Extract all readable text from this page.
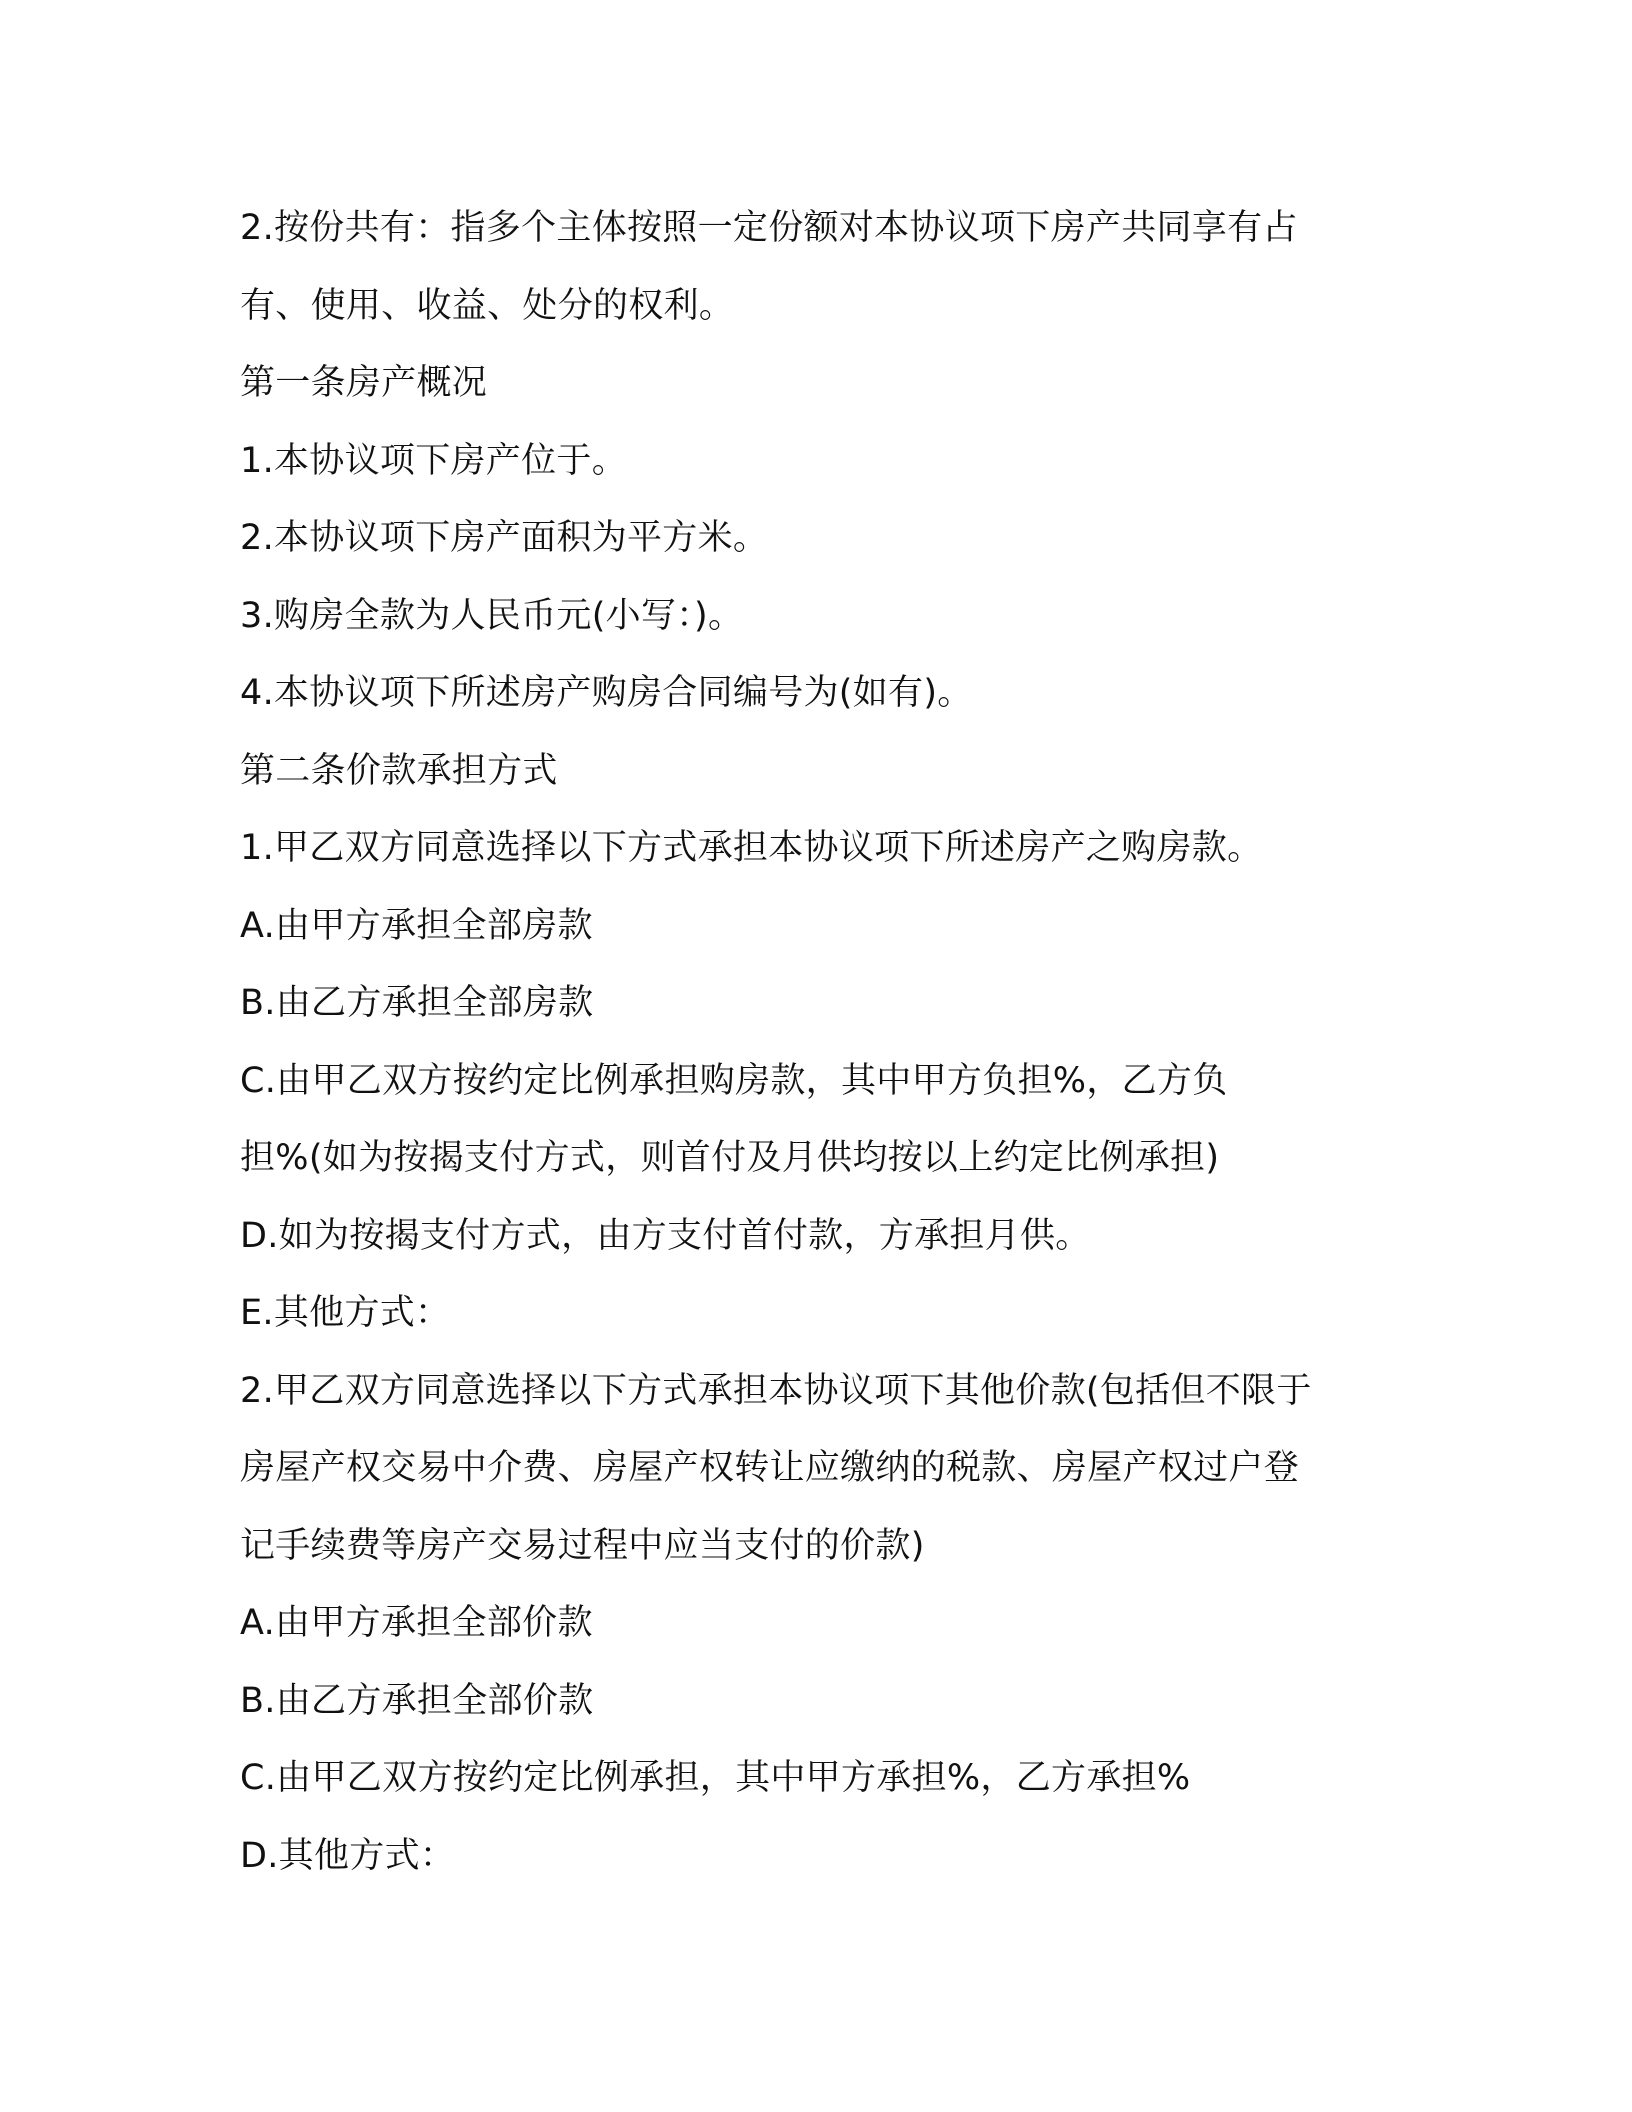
2.按份共有：指多个主体按照一定份额对本协议项下房产共同享有占
有、使用、收益、处分的权利。
第一条房产概况
1.本协议项下房产位于。
2.本协议项下房产面积为平方米。
3.购房全款为人民币元(小写：)。
4.本协议项下所述房产购房合同编号为(如有)。
第二条价款承担方式
1.甲乙双方同意选择以下方式承担本协议项下所述房产之购房款。
A.由甲方承担全部房款
B.由乙方承担全部房款
C.由甲乙双方按约定比例承担购房款，其中甲方负担%，乙方负
担%(如为按揭支付方式，则首付及月供均按以上约定比例承担)
D.如为按揭支付方式，由方支付首付款，方承担月供。
E.其他方式：
2.甲乙双方同意选择以下方式承担本协议项下其他价款(包括但不限于
房屋产权交易中介费、房屋产权转让应缴纳的税款、房屋产权过户登
记手续费等房产交易过程中应当支付的价款)
A.由甲方承担全部价款
B.由乙方承担全部价款
C.由甲乙双方按约定比例承担，其中甲方承担%，乙方承担%
D.其他方式：
